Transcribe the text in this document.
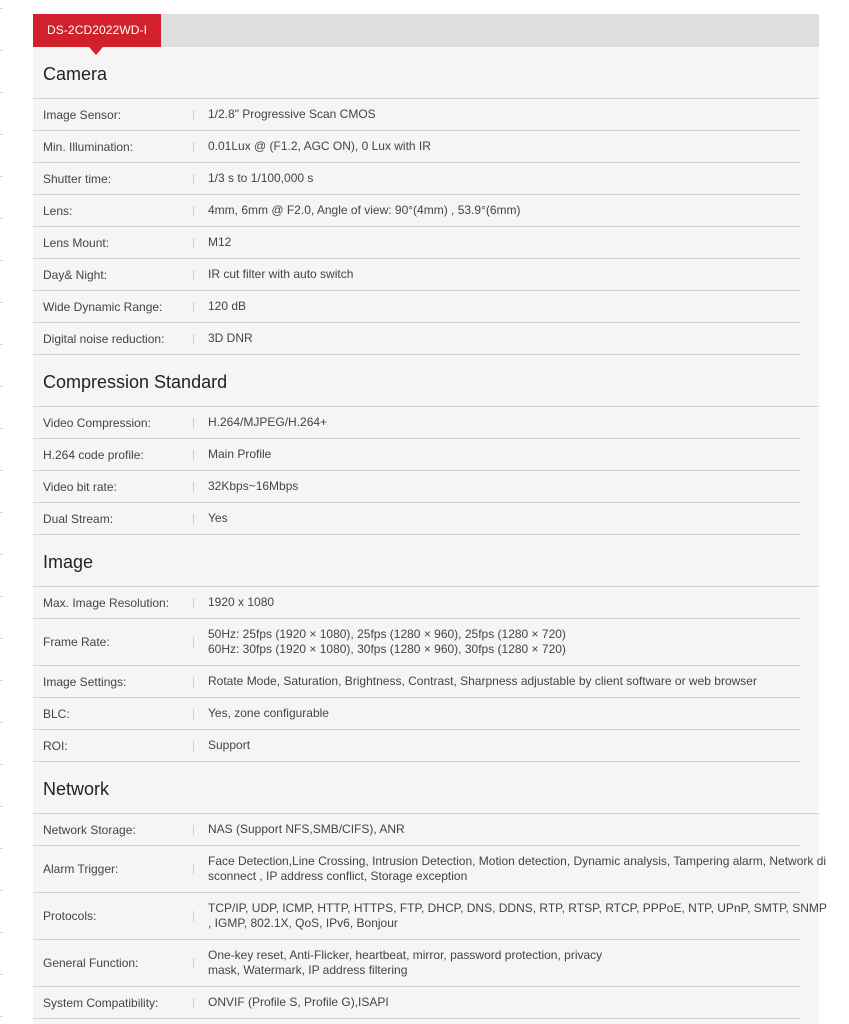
DS-2CD2022WD-I
Camera
Image Sensor:	|	1/2.8" Progressive Scan CMOS
Min. Illumination:	|	0.01Lux @ (F1.2, AGC ON), 0 Lux with IR
Shutter time:	|	1/3 s to 1/100,000 s
Lens:	|	4mm, 6mm @ F2.0, Angle of view: 90°(4mm) , 53.9°(6mm)
Lens Mount:	|	M12
Day& Night:	|	IR cut filter with auto switch
Wide Dynamic Range:	|	120 dB
Digital noise reduction:	|	3D DNR
Compression Standard
Video Compression:	|	H.264/MJPEG/H.264+
H.264 code profile:	|	Main Profile
Video bit rate:	|	32Kbps~16Mbps
Dual Stream:	|	Yes
Image
Max. Image Resolution:	|	1920 x 1080
Frame Rate:	|
50Hz: 25fps (1920 × 1080), 25fps (1280 × 960), 25fps (1280 × 720)
60Hz: 30fps (1920 × 1080), 30fps (1280 × 960), 30fps (1280 × 720)
Image Settings:	|	Rotate Mode, Saturation, Brightness, Contrast, Sharpness adjustable by client software or web browser
BLC:	|	Yes, zone configurable
ROI:	|	Support
Network
Network Storage:	|	NAS (Support NFS,SMB/CIFS), ANR
Alarm Trigger:	|
Face Detection,Line Crossing, Intrusion Detection, Motion detection, Dynamic analysis, Tampering alarm, Network di
sconnect , IP address conflict, Storage exception
Protocols:	|
TCP/IP, UDP, ICMP, HTTP, HTTPS, FTP, DHCP, DNS, DDNS, RTP, RTSP, RTCP, PPPoE, NTP, UPnP, SMTP, SNMP
, IGMP, 802.1X, QoS, IPv6, Bonjour
General Function:	|
One-key reset, Anti-Flicker, heartbeat, mirror, password protection, privacy
mask, Watermark, IP address filtering
System Compatibility:	|	ONVIF (Profile S, Profile G),ISAPI
